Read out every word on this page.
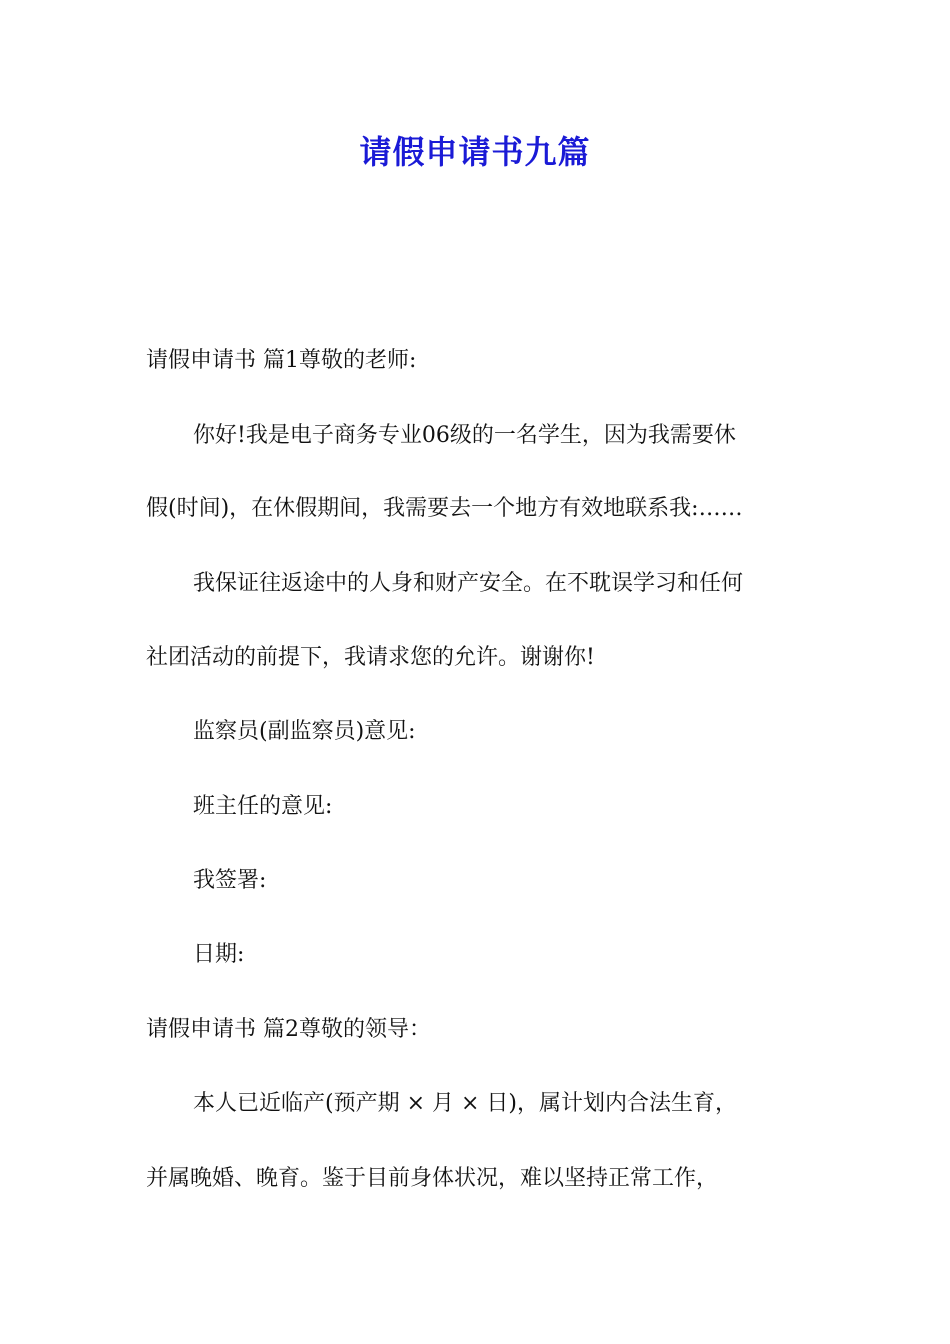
请假申请书九篇
请假申请书 篇1尊敬的老师:
你好!我是电子商务专业06级的一名学生，因为我需要休
假(时间)，在休假期间，我需要去一个地方有效地联系我:……
我保证往返途中的人身和财产安全。在不耽误学习和任何
社团活动的前提下，我请求您的允许。谢谢你!
监察员(副监察员)意见:
班主任的意见:
我签署:
日期:
请假申请书 篇2尊敬的领导：
本人已近临产(预产期 × 月 × 日)，属计划内合法生育，
并属晚婚、晚育。鉴于目前身体状况，难以坚持正常工作，
